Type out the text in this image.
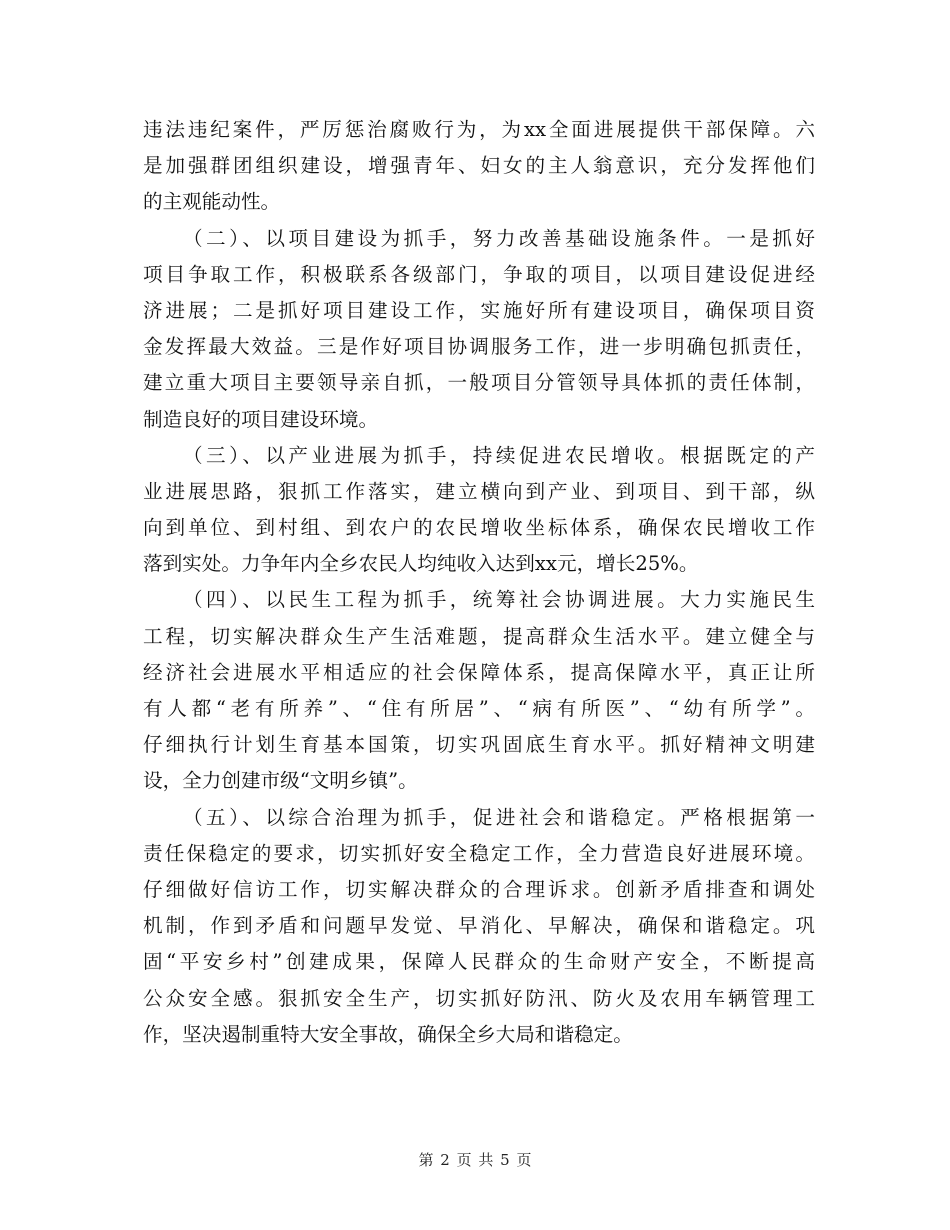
违法违纪案件，严厉惩治腐败行为，为xx全面进展提供干部保障。六
是加强群团组织建设，增强青年、妇女的主人翁意识，充分发挥他们
的主观能动性。
（二）、以项目建设为抓手，努力改善基础设施条件。一是抓好
项目争取工作，积极联系各级部门，争取的项目，以项目建设促进经
济进展；二是抓好项目建设工作，实施好所有建设项目，确保项目资
金发挥最大效益。三是作好项目协调服务工作，进一步明确包抓责任，
建立重大项目主要领导亲自抓，一般项目分管领导具体抓的责任体制，
制造良好的项目建设环境。
（三）、以产业进展为抓手，持续促进农民增收。根据既定的产
业进展思路，狠抓工作落实，建立横向到产业、到项目、到干部，纵
向到单位、到村组、到农户的农民增收坐标体系，确保农民增收工作
落到实处。力争年内全乡农民人均纯收入达到xx元，增长25%。
（四）、以民生工程为抓手，统筹社会协调进展。大力实施民生
工程，切实解决群众生产生活难题，提高群众生活水平。建立健全与
经济社会进展水平相适应的社会保障体系，提高保障水平，真正让所
有人都“老有所养”、“住有所居”、“病有所医”、“幼有所学”。
仔细执行计划生育基本国策，切实巩固底生育水平。抓好精神文明建
设，全力创建市级“文明乡镇”。
（五）、以综合治理为抓手，促进社会和谐稳定。严格根据第一
责任保稳定的要求，切实抓好安全稳定工作，全力营造良好进展环境。
仔细做好信访工作，切实解决群众的合理诉求。创新矛盾排查和调处
机制，作到矛盾和问题早发觉、早消化、早解决，确保和谐稳定。巩
固“平安乡村”创建成果，保障人民群众的生命财产安全，不断提高
公众安全感。狠抓安全生产，切实抓好防汛、防火及农用车辆管理工
作，坚决遏制重特大安全事故，确保全乡大局和谐稳定。
第 2 页 共 5 页
